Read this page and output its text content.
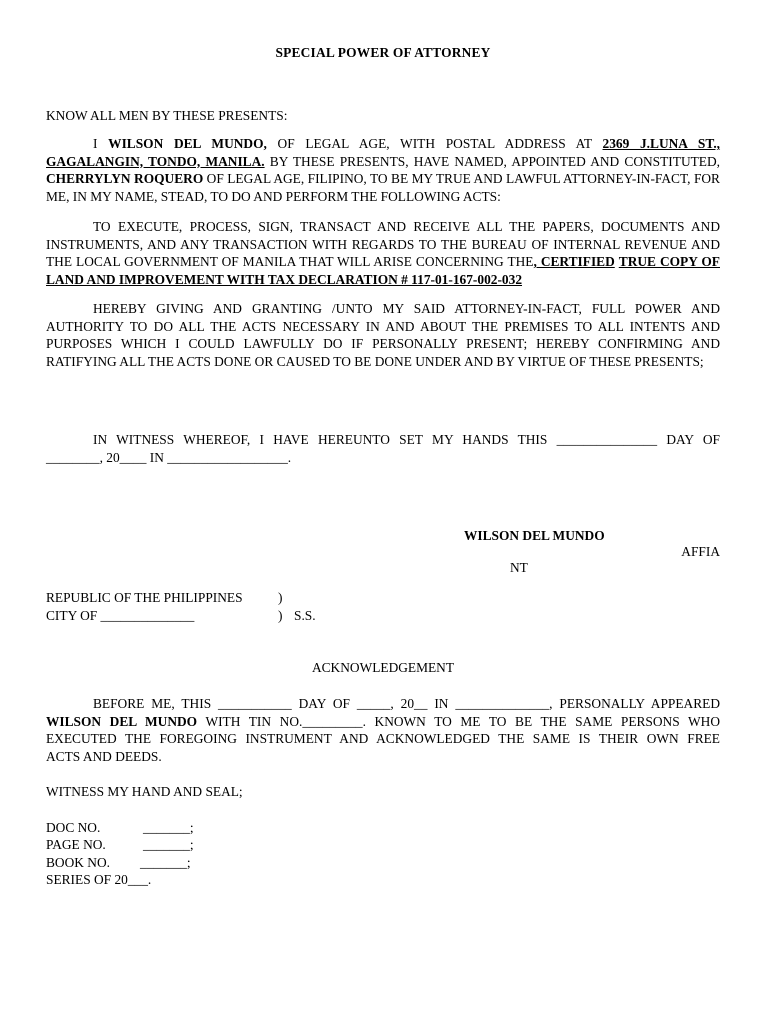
SPECIAL POWER OF ATTORNEY
KNOW ALL MEN BY THESE PRESENTS:
I WILSON DEL MUNDO, OF LEGAL AGE, WITH POSTAL ADDRESS AT 2369 J.LUNA ST., GAGALANGIN, TONDO, MANILA. BY THESE PRESENTS, HAVE NAMED, APPOINTED AND CONSTITUTED, CHERRYLYN ROQUERO OF LEGAL AGE, FILIPINO, TO BE MY TRUE AND LAWFUL ATTORNEY-IN-FACT, FOR ME, IN MY NAME, STEAD, TO DO AND PERFORM THE FOLLOWING ACTS:
TO EXECUTE, PROCESS, SIGN, TRANSACT AND RECEIVE ALL THE PAPERS, DOCUMENTS AND INSTRUMENTS, AND ANY TRANSACTION WITH REGARDS TO THE BUREAU OF INTERNAL REVENUE AND THE LOCAL GOVERNMENT OF MANILA THAT WILL ARISE CONCERNING THE, CERTIFIED TRUE COPY OF LAND AND IMPROVEMENT WITH TAX DECLARATION # 117-01-167-002-032
HEREBY GIVING AND GRANTING /UNTO MY SAID ATTORNEY-IN-FACT, FULL POWER AND AUTHORITY TO DO ALL THE ACTS NECESSARY IN AND ABOUT THE PREMISES TO ALL INTENTS AND PURPOSES WHICH I COULD LAWFULLY DO IF PERSONALLY PRESENT; HEREBY CONFIRMING AND RATIFYING ALL THE ACTS DONE OR CAUSED TO BE DONE UNDER AND BY VIRTUE OF THESE PRESENTS;
IN WITNESS WHEREOF, I HAVE HEREUNTO SET MY HANDS THIS _______________ DAY OF
________, 20____ IN __________________.
WILSON DEL MUNDO
AFFIA
NT
REPUBLIC OF THE PHILIPPINES	)
CITY OF ______________	) S.S.
ACKNOWLEDGEMENT
BEFORE ME, THIS ___________ DAY OF _____, 20__ IN ______________, PERSONALLY APPEARED
WILSON DEL MUNDO WITH TIN NO._________. KNOWN TO ME TO BE THE SAME PERSONS WHO
EXECUTED THE FOREGOING INSTRUMENT AND ACKNOWLEDGED THE SAME IS THEIR OWN FREE
ACTS AND DEEDS.
WITNESS MY HAND AND SEAL;
DOC NO.	_______;
PAGE NO.	_______;
BOOK NO. _______;
SERIES OF 20___.
